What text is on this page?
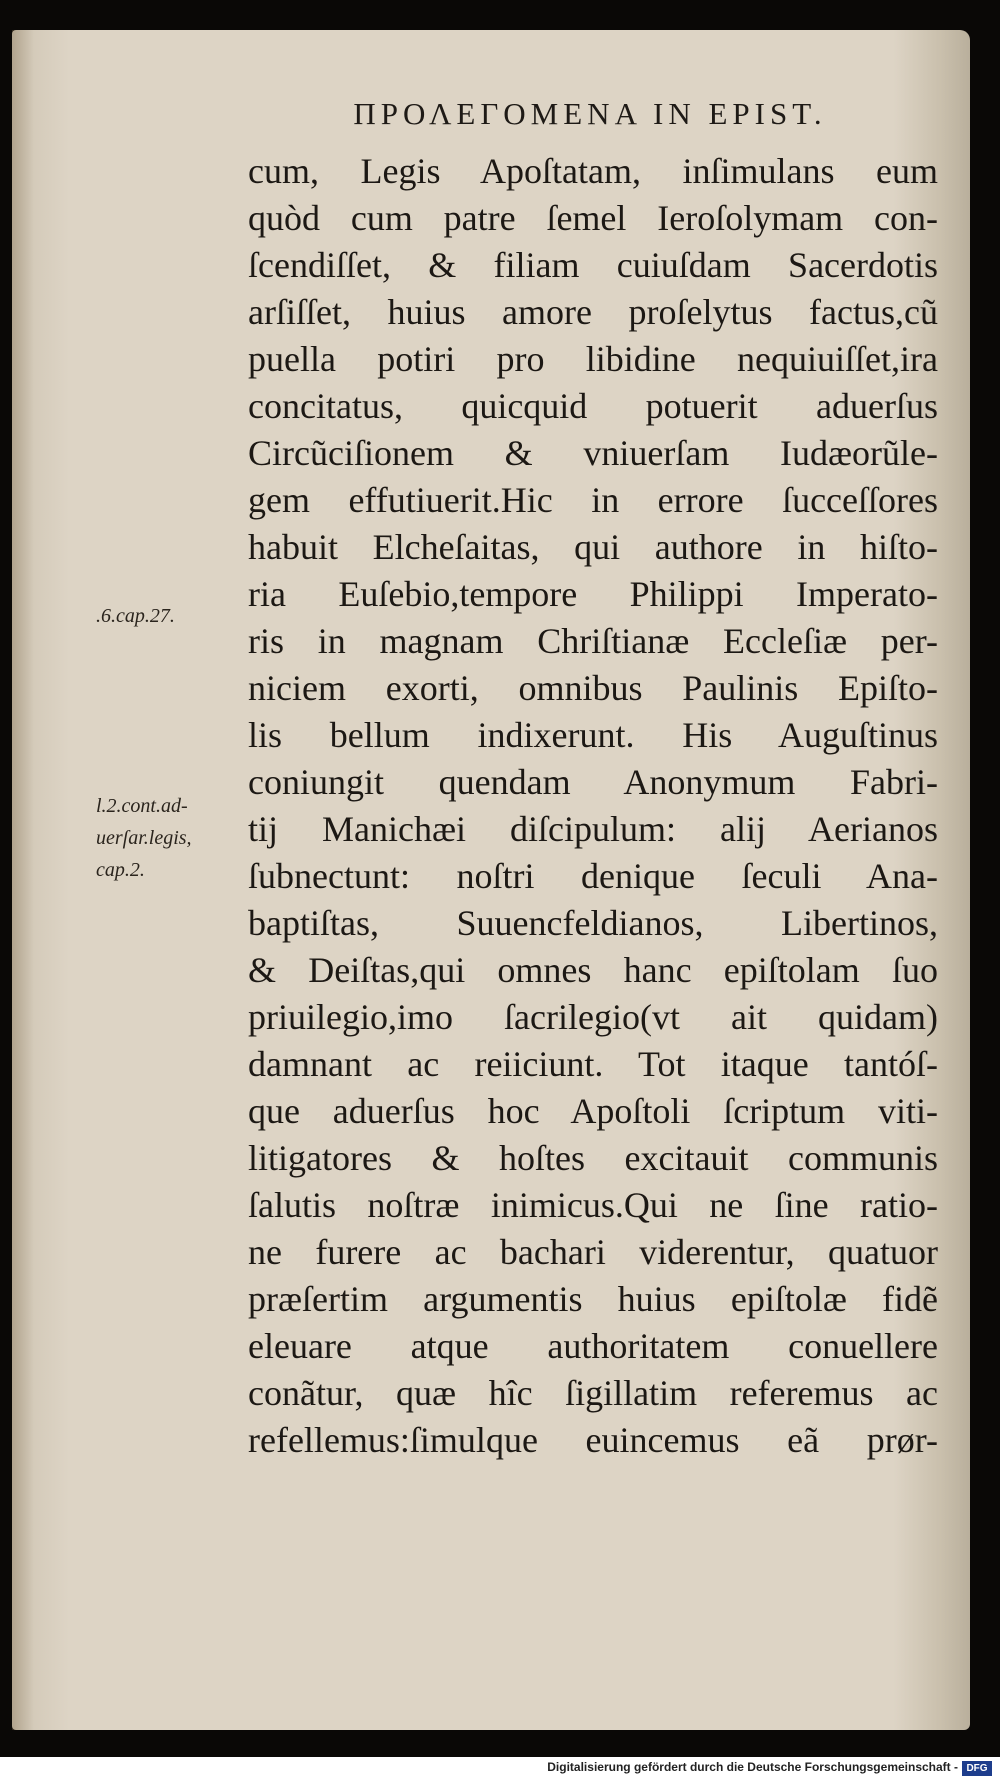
ΠΡΟΛΕΓΟΜΕΝΑ IN EPIST.
.6.cap.27.
l.2.cont.ad-
uerſar.legis,
cap.2.
cum, Legis Apoſtatam, inſimulans eum
quòd cum patre ſemel Ieroſolymam con-
ſcendiſſet, & filiam cuiuſdam Sacerdotis
arſiſſet, huius amore proſelytus factus,cũ
puella potiri pro libidine nequiuiſſet,ira
concitatus, quicquid potuerit aduerſus
Circũciſionem & vniuerſam Iudæorũle-
gem effutiuerit.Hic in errore ſucceſſores
habuit Elcheſaitas, qui authore in hiſto-
ria Euſebio,tempore Philippi Imperato-
ris in magnam Chriſtianæ Eccleſiæ per-
niciem exorti, omnibus Paulinis Epiſto-
lis bellum indixerunt. His Auguſtinus
coniungit quendam Anonymum Fabri-
tij Manichæi diſcipulum: alij Aerianos
ſubnectunt: noſtri denique ſeculi Ana-
baptiſtas, Suuencfeldianos, Libertinos,
& Deiſtas,qui omnes hanc epiſtolam ſuo
priuilegio,imo ſacrilegio(vt ait quidam)
damnant ac reiiciunt. Tot itaque tantóſ-
que aduerſus hoc Apoſtoli ſcriptum viti-
litigatores & hoſtes excitauit communis
ſalutis noſtræ inimicus.Qui ne ſine ratio-
ne furere ac bachari viderentur, quatuor
præſertim argumentis huius epiſtolæ fidẽ
eleuare atque authoritatem conuellere
conãtur, quæ hîc ſigillatim referemus ac
refellemus:ſimulque euincemus eã prør-
Digitalisierung gefördert durch die Deutsche Forschungsgemeinschaft - DFG
